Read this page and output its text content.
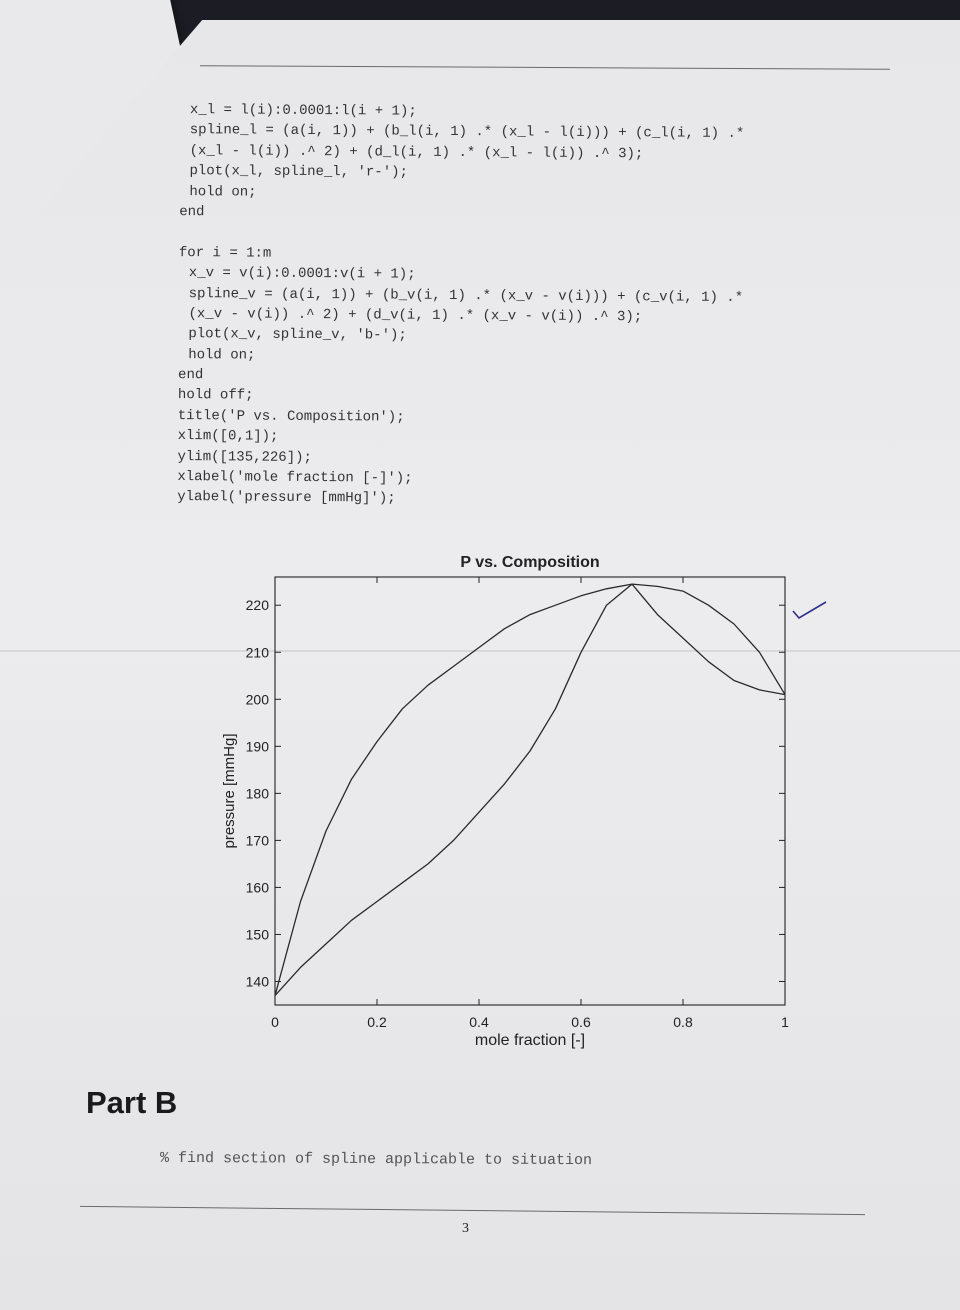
x_l = l(i):0.0001:l(i + 1);
spline_l = (a(i, 1)) + (b_l(i, 1) .* (x_l - l(i))) + (c_l(i, 1) .*
(x_l - l(i)) .^ 2) + (d_l(i, 1) .* (x_l - l(i)) .^ 3);
plot(x_l, spline_l, 'r-');
hold on;
end
for i = 1:m
x_v = v(i):0.0001:v(i + 1);
spline_v = (a(i, 1)) + (b_v(i, 1) .* (x_v - v(i))) + (c_v(i, 1) .*
(x_v - v(i)) .^ 2) + (d_v(i, 1) .* (x_v - v(i)) .^ 3);
plot(x_v, spline_v, 'b-');
hold on;
end
hold off;
title('P vs. Composition');
xlim([0,1]);
ylim([135,226]);
xlabel('mole fraction [-]');
ylabel('pressure [mmHg]');
P vs. Composition
0	0.2	0.4	0.6	0.8	1
140
150
160
170
180
190
200
210
220
mole fraction [-]
pressure [mmHg]
Part B
% find section of spline applicable to situation
3
